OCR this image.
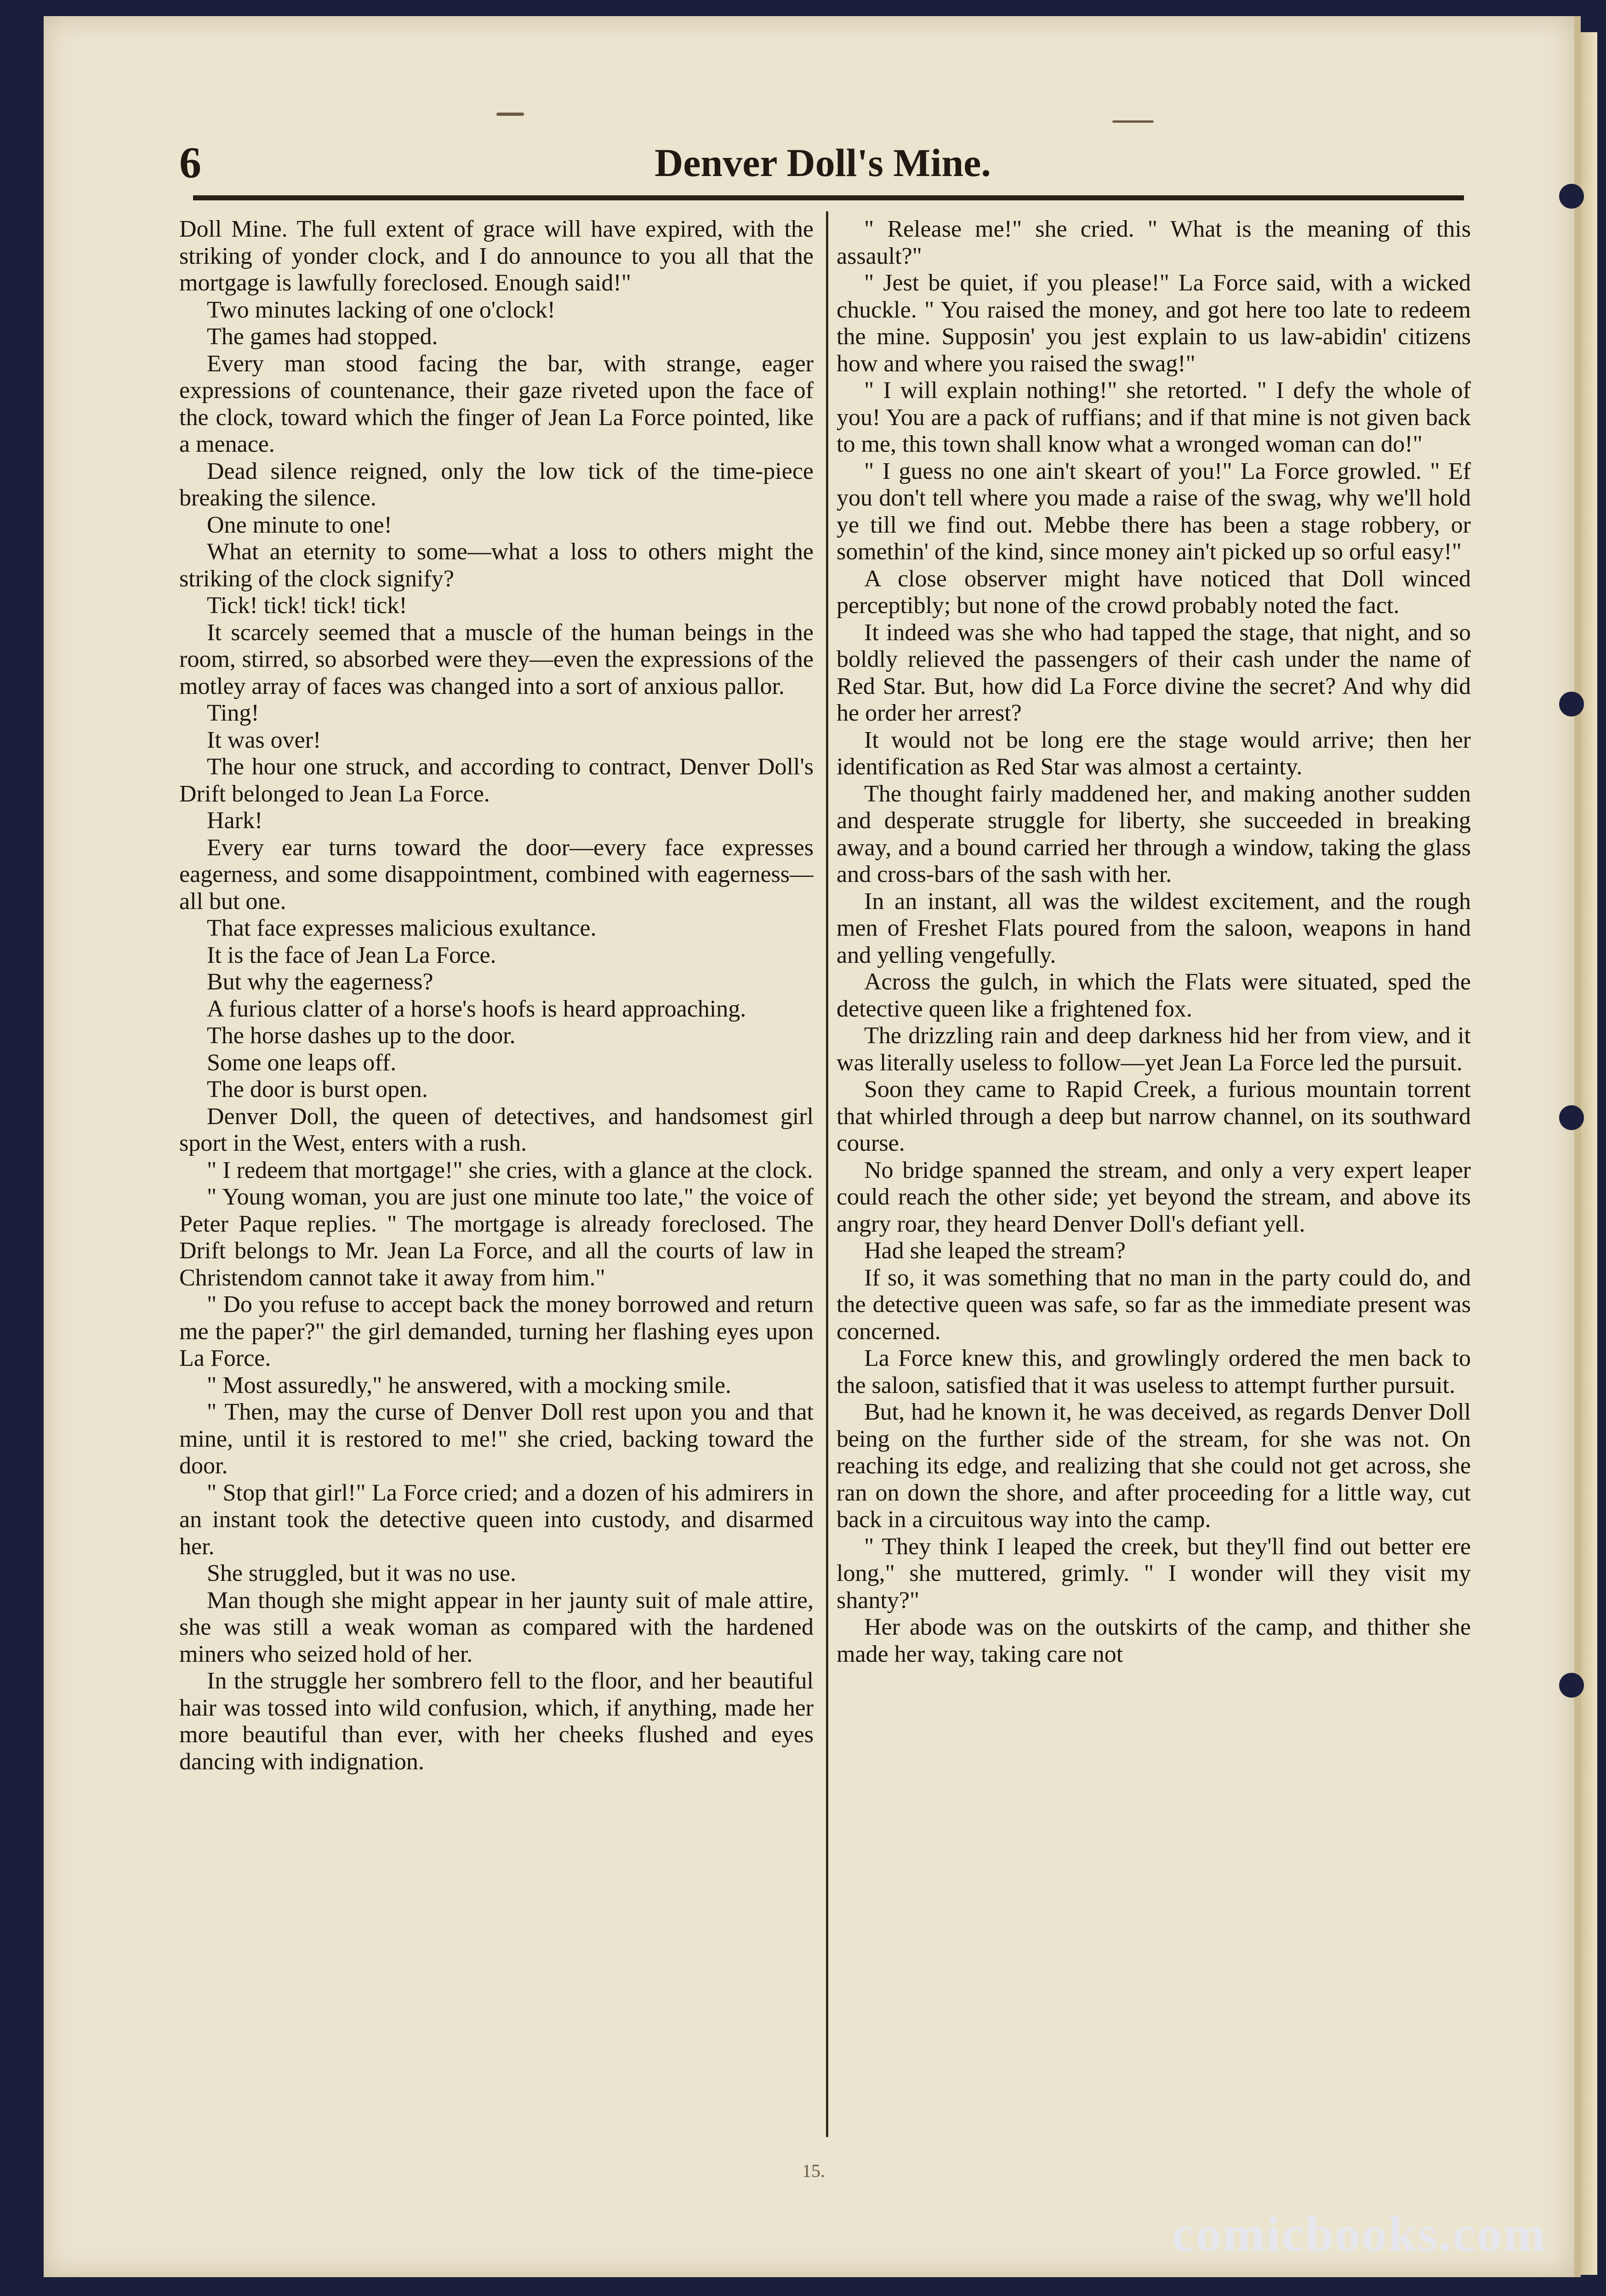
6	Denver Doll's Mine.

Doll Mine. The full extent of grace will have expired, with the striking of yonder clock, and I do announce to you all that the mortgage is lawfully foreclosed. Enough said!"

Two minutes lacking of one o'clock!

The games had stopped.

Every man stood facing the bar, with strange, eager expressions of countenance, their gaze riveted upon the face of the clock, toward which the finger of Jean La Force pointed, like a menace.

Dead silence reigned, only the low tick of the time-piece breaking the silence.

One minute to one!

What an eternity to some—what a loss to others might the striking of the clock signify?

Tick! tick! tick! tick!

It scarcely seemed that a muscle of the human beings in the room, stirred, so absorbed were they—even the expressions of the motley array of faces was changed into a sort of anxious pallor.

Ting!

It was over!

The hour one struck, and according to contract, Denver Doll's Drift belonged to Jean La Force.

Hark!

Every ear turns toward the door—every face expresses eagerness, and some disappointment, combined with eagerness—all but one.

That face expresses malicious exultance.

It is the face of Jean La Force.

But why the eagerness?

A furious clatter of a horse's hoofs is heard approaching.

The horse dashes up to the door.

Some one leaps off.

The door is burst open.

Denver Doll, the queen of detectives, and handsomest girl sport in the West, enters with a rush.

" I redeem that mortgage!" she cries, with a glance at the clock.

" Young woman, you are just one minute too late," the voice of Peter Paque replies. " The mortgage is already foreclosed. The Drift belongs to Mr. Jean La Force, and all the courts of law in Christendom cannot take it away from him."

" Do you refuse to accept back the money borrowed and return me the paper?" the girl demanded, turning her flashing eyes upon La Force.

" Most assuredly," he answered, with a mocking smile.

" Then, may the curse of Denver Doll rest upon you and that mine, until it is restored to me!" she cried, backing toward the door.

" Stop that girl!" La Force cried; and a dozen of his admirers in an instant took the detective queen into custody, and disarmed her.

She struggled, but it was no use.

Man though she might appear in her jaunty suit of male attire, she was still a weak woman as compared with the hardened miners who seized hold of her.

In the struggle her sombrero fell to the floor, and her beautiful hair was tossed into wild confusion, which, if anything, made her more beautiful than ever, with her cheeks flushed and eyes dancing with indignation.

" Release me!" she cried. " What is the meaning of this assault?"

" Jest be quiet, if you please!" La Force said, with a wicked chuckle. " You raised the money, and got here too late to redeem the mine. Supposin' you jest explain to us law-abidin' citizens how and where you raised the swag!"

" I will explain nothing!" she retorted. " I defy the whole of you! You are a pack of ruffians; and if that mine is not given back to me, this town shall know what a wronged woman can do!"

" I guess no one ain't skeart of you!" La Force growled. " Ef you don't tell where you made a raise of the swag, why we'll hold ye till we find out. Mebbe there has been a stage robbery, or somethin' of the kind, since money ain't picked up so orful easy!"

A close observer might have noticed that Doll winced perceptibly; but none of the crowd probably noted the fact.

It indeed was she who had tapped the stage, that night, and so boldly relieved the passengers of their cash under the name of Red Star. But, how did La Force divine the secret? And why did he order her arrest?

It would not be long ere the stage would arrive; then her identification as Red Star was almost a certainty.

The thought fairly maddened her, and making another sudden and desperate struggle for liberty, she succeeded in breaking away, and a bound carried her through a window, taking the glass and cross-bars of the sash with her.

In an instant, all was the wildest excitement, and the rough men of Freshet Flats poured from the saloon, weapons in hand and yelling vengefully.

Across the gulch, in which the Flats were situated, sped the detective queen like a frightened fox.

The drizzling rain and deep darkness hid her from view, and it was literally useless to follow—yet Jean La Force led the pursuit.

Soon they came to Rapid Creek, a furious mountain torrent that whirled through a deep but narrow channel, on its southward course.

No bridge spanned the stream, and only a very expert leaper could reach the other side; yet beyond the stream, and above its angry roar, they heard Denver Doll's defiant yell.

Had she leaped the stream?

If so, it was something that no man in the party could do, and the detective queen was safe, so far as the immediate present was concerned.

La Force knew this, and growlingly ordered the men back to the saloon, satisfied that it was useless to attempt further pursuit.

But, had he known it, he was deceived, as regards Denver Doll being on the further side of the stream, for she was not. On reaching its edge, and realizing that she could not get across, she ran on down the shore, and after proceeding for a little way, cut back in a circuitous way into the camp.

" They think I leaped the creek, but they'll find out better ere long," she muttered, grimly. " I wonder will they visit my shanty?"

Her abode was on the outskirts of the camp, and thither she made her way, taking care not

15.
comicbooks.com
